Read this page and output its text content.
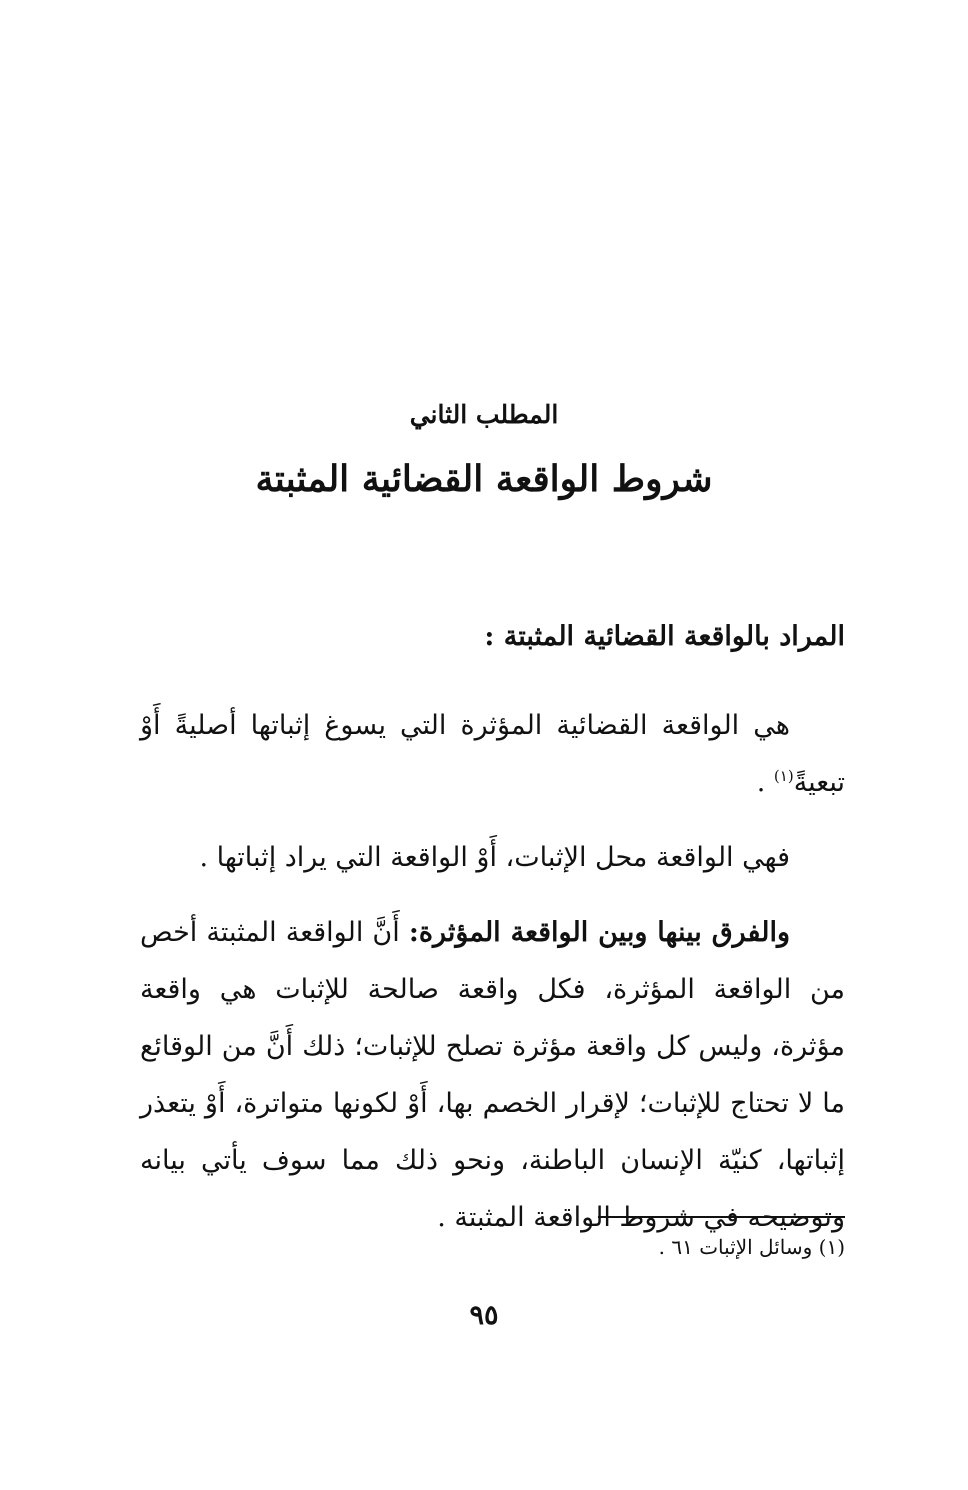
المطلب الثاني
شروط الواقعة القضائية المثبتة

المراد بالواقعة القضائية المثبتة :

هي الواقعة القضائية المؤثرة التي يسوغ إثباتها أصليةً أَوْ تبعيةً$^{(١)}$ .

فهي الواقعة محل الإثبات، أَوْ الواقعة التي يراد إثباتها .

والفرق بينها وبين الواقعة المؤثرة: أَنَّ الواقعة المثبتة أخص من الواقعة المؤثرة، فكل واقعة صالحة للإثبات هي واقعة مؤثرة، وليس كل واقعة مؤثرة تصلح للإثبات؛ ذلك أَنَّ من الوقائع ما لا تحتاج للإثبات؛ لإقرار الخصم بها، أَوْ لكونها متواترة، أَوْ يتعذر إثباتها، كنيّة الإنسان الباطنة، ونحو ذلك مما سوف يأتي بيانه وتوضيحه في شروط الواقعة المثبتة .

(١) وسائل الإثبات ٦١ .
٩٥
